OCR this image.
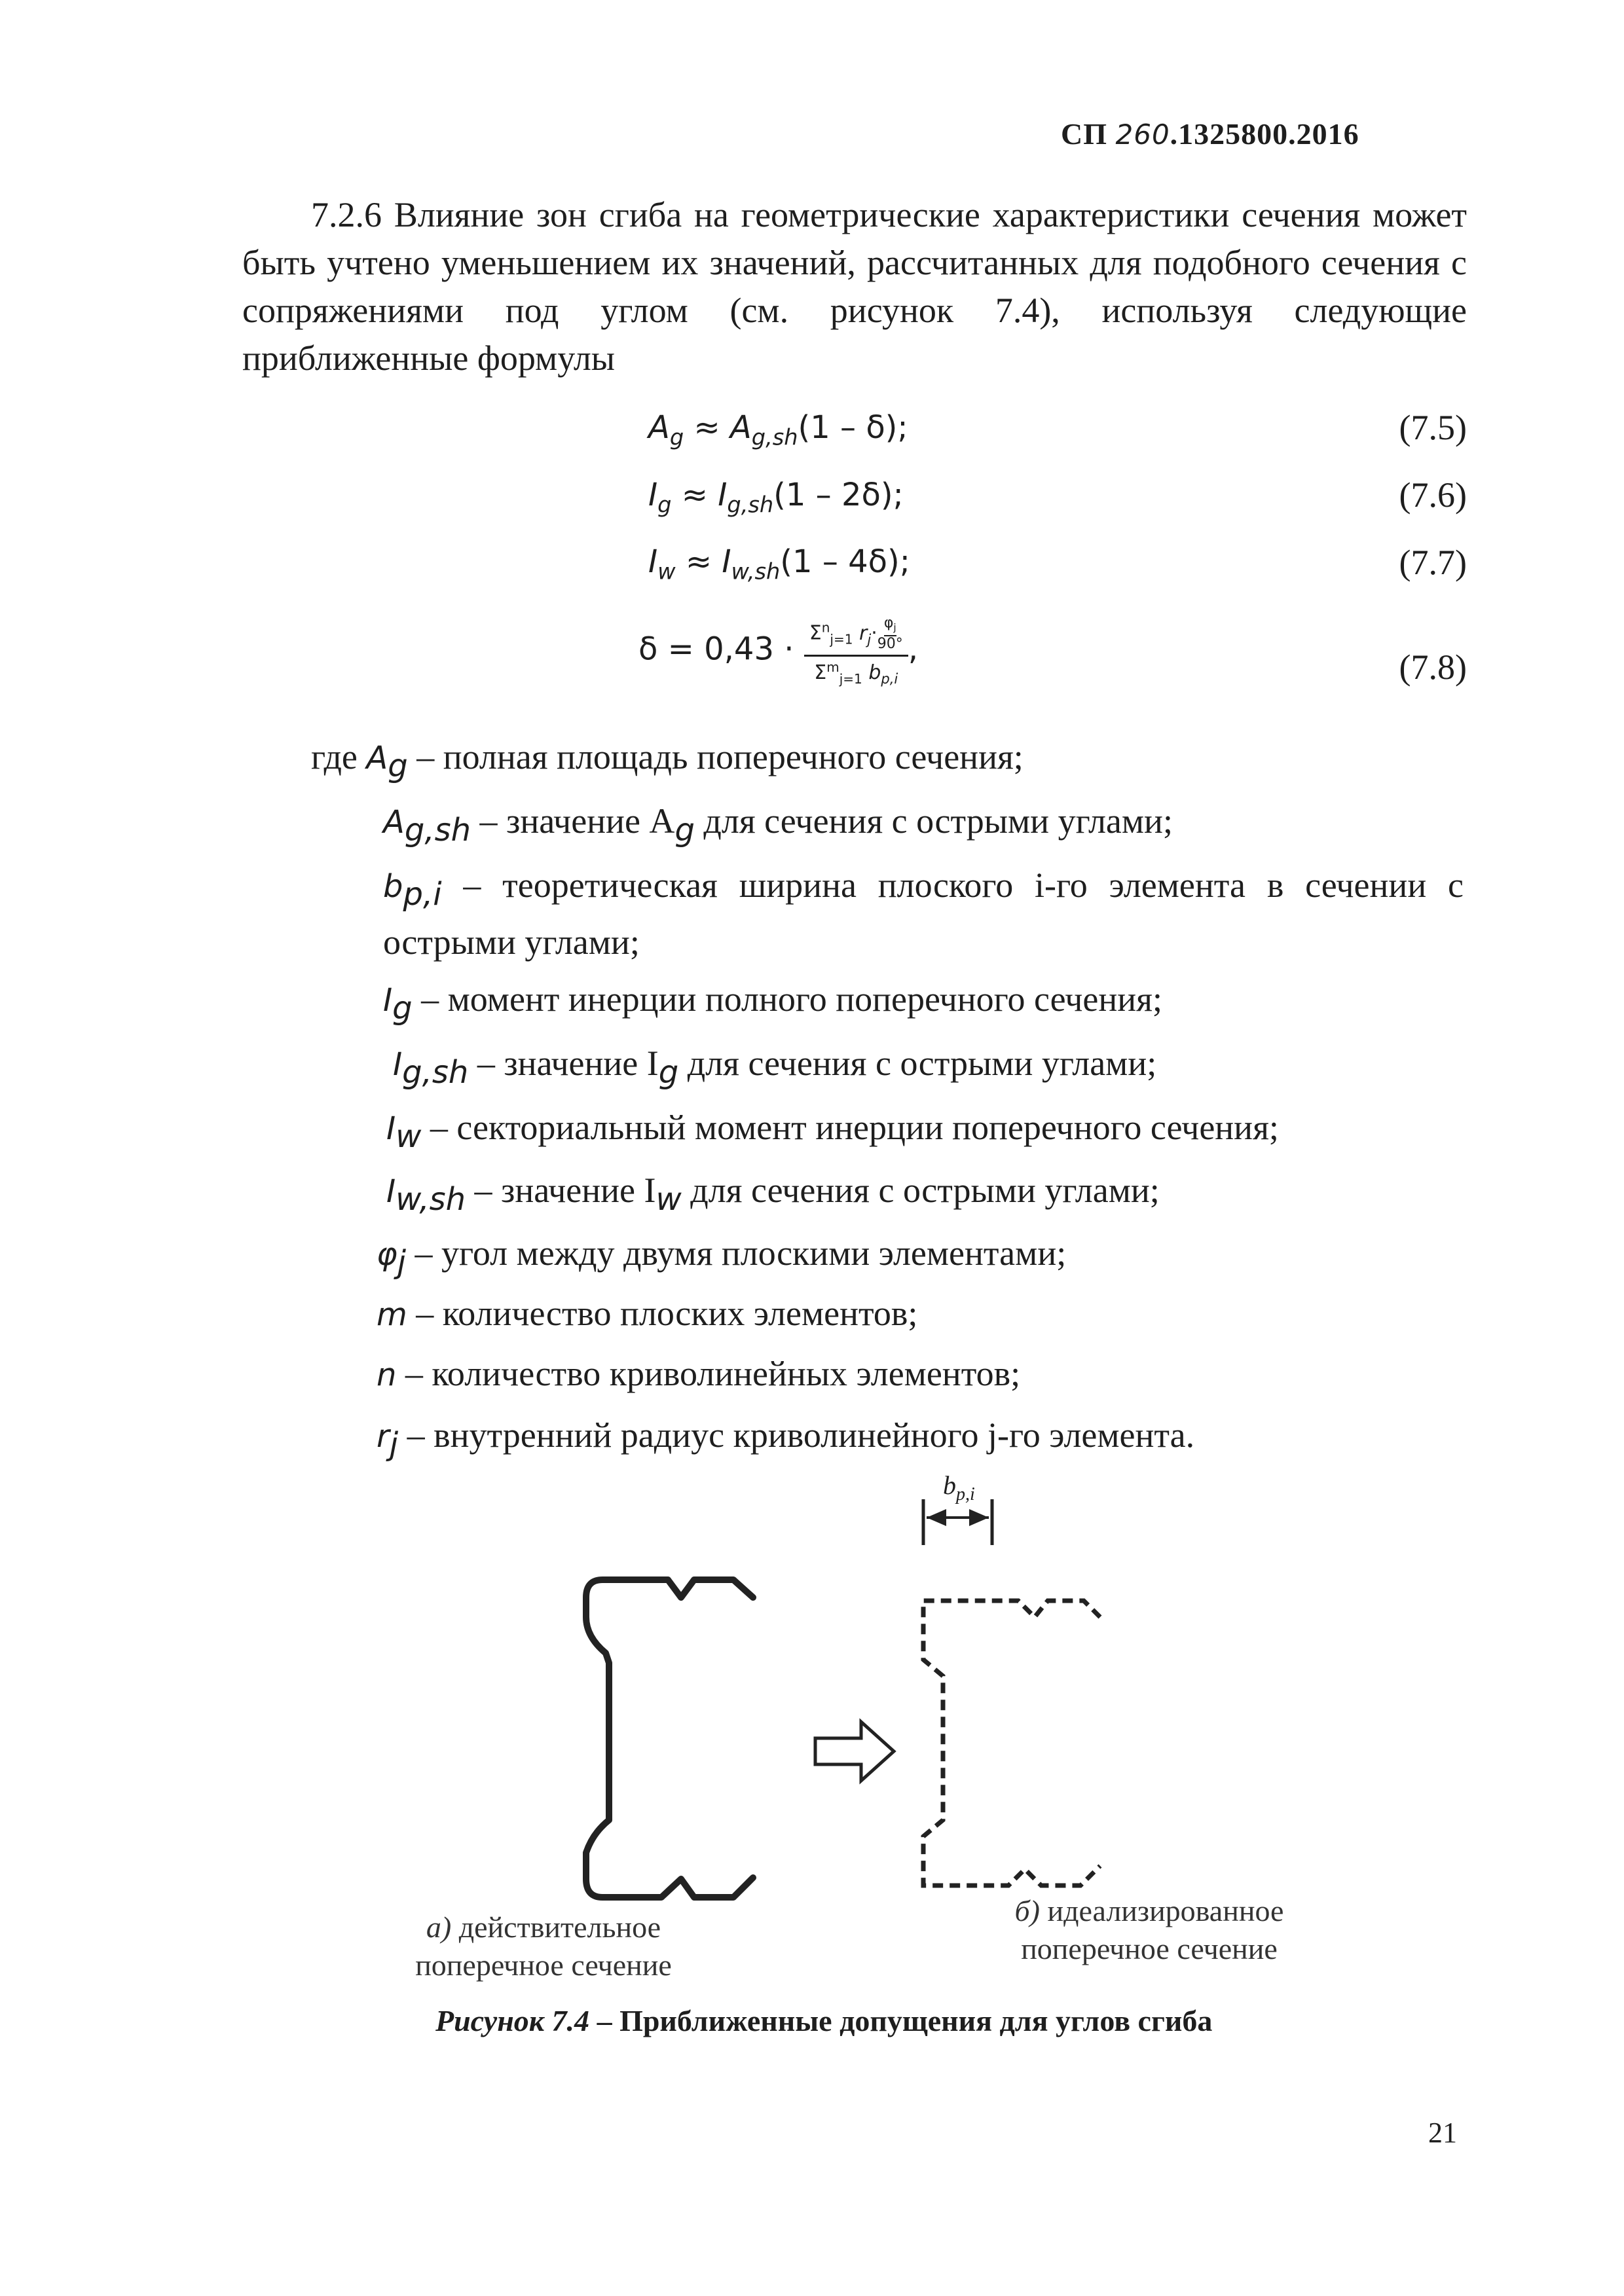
СП 260.1325800.2016
7.2.6 Влияние зон сгиба на геометрические характеристики сечения может быть учтено уменьшением их значений, рассчитанных для подобного сечения с сопряжениями под углом (см. рисунок 7.4), используя следующие приближенные формулы
$A_g \approx A_{g,sh}(1 - \delta)$;	(7.5)
$I_g \approx I_{g,sh}(1 - 2\delta)$;	(7.6)
$I_w \approx I_{w,sh}(1 - 4\delta)$;	(7.7)
$\delta = 0,43 \cdot \frac{\Sigma^n_{j=1} r_j\cdot \frac{\varphi_j}{90^\circ}}{\Sigma^m_{j=1} b_{p,i}}$ ,	(7.8)
где $A_g$ – полная площадь поперечного сечения;
$A_{g,sh}$ – значение $A_g$ для сечения с острыми углами;
$b_{p,i}$ – теоретическая ширина плоского i-го элемента в сечении с острыми углами;
$I_g$ – момент инерции полного поперечного сечения;
$I_{g,sh}$ – значение $I_g$ для сечения с острыми углами;
$I_w$ – секториальный момент инерции поперечного сечения;
$I_{w,sh}$ – значение $I_w$ для сечения с острыми углами;
$\varphi_j$ – угол между двумя плоскими элементами;
m – количество плоских элементов;
n – количество криволинейных элементов;
$r_j$ – внутренний радиус криволинейного j-го элемента.
$b_{p,i}$
а) действительное поперечное сечение
б) идеализированное поперечное сечение
Рисунок 7.4 – Приближенные допущения для углов сгиба
21
